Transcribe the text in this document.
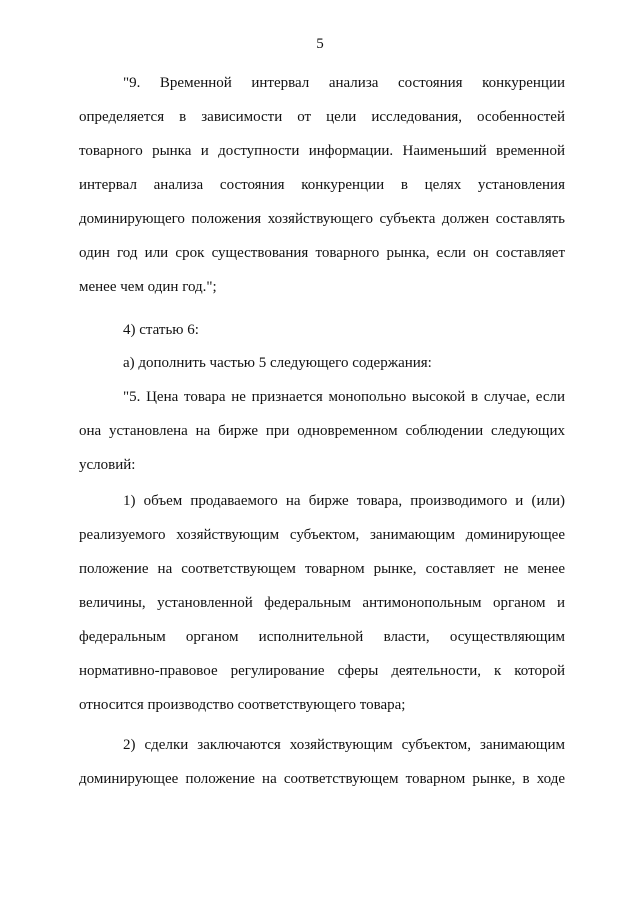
5
"9. Временной интервал анализа состояния конкуренции
определяется в зависимости от цели исследования, особенностей
товарного рынка и доступности информации. Наименьший временной
интервал анализа состояния конкуренции в целях установления
доминирующего положения хозяйствующего субъекта должен составлять
один год или срок существования товарного рынка, если он составляет
менее чем один год.";
4) статью 6:
а) дополнить частью 5 следующего содержания:
"5. Цена товара не признается монопольно высокой в случае, если
она установлена на бирже при одновременном соблюдении следующих
условий:
1) объем продаваемого на бирже товара, производимого и (или)
реализуемого хозяйствующим субъектом, занимающим доминирующее
положение на соответствующем товарном рынке, составляет не менее
величины, установленной федеральным антимонопольным органом и
федеральным органом исполнительной власти, осуществляющим
нормативно-правовое регулирование сферы деятельности, к которой
относится производство соответствующего товара;
2) сделки заключаются хозяйствующим субъектом, занимающим
доминирующее положение на соответствующем товарном рынке, в ходе
